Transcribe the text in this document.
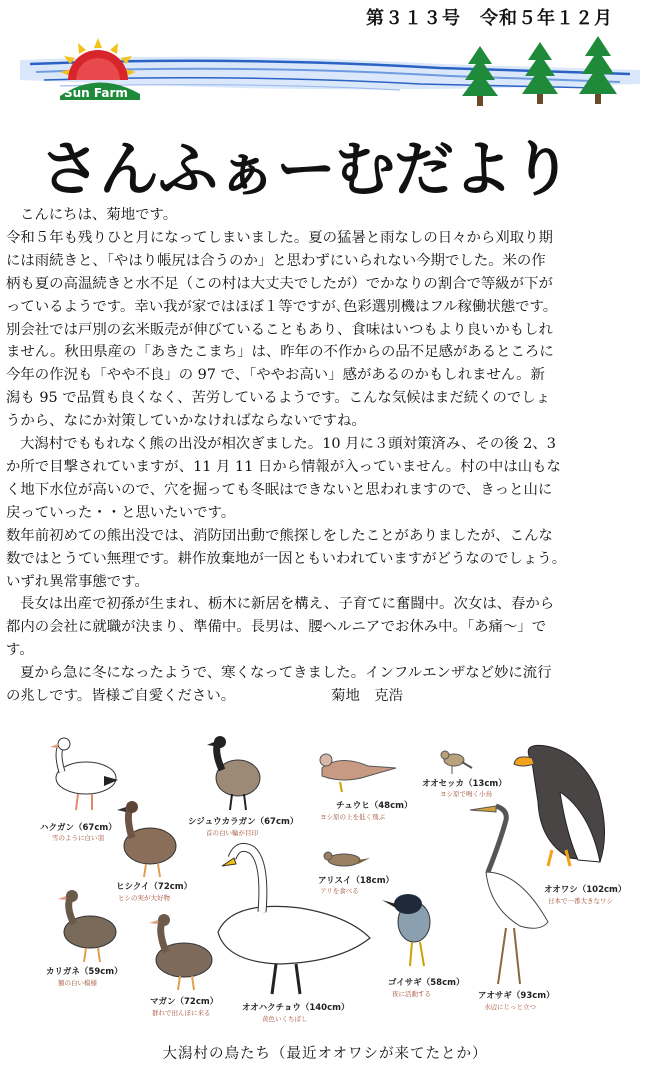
第３１３号　令和５年１２月
Sun Farm
さんふぁーむだより

こんにちは、菊地です。

令和５年も残りひと月になってしまいました。夏の猛暑と雨なしの日々から刈取り期

には雨続きと、「やはり帳尻は合うのか」と思わずにいられない今期でした。米の作

柄も夏の高温続きと水不足（この村は大丈夫でしたが）でかなりの割合で等級が下が

っているようです。幸い我が家ではほぼ１等ですが､色彩選別機はフル稼働状態です。

別会社では戸別の玄米販売が伸びていることもあり、食味はいつもより良いかもしれ

ません。秋田県産の「あきたこまち」は、昨年の不作からの品不足感があるところに

今年の作況も「やや不良」の 97 で、「ややお高い」感があるのかもしれません。新

潟も 95 で品質も良くなく、苦労しているようです。こんな気候はまだ続くのでしょ

うから、なにか対策していかなければならないですね。

大潟村でももれなく熊の出没が相次ぎました。10 月に３頭対策済み、その後 2、3

か所で目撃されていますが、11 月 11 日から情報が入っていません。村の中は山もな

く地下水位が高いので、穴を掘っても冬眠はできないと思われますので、きっと山に

戻っていった・・と思いたいです。

数年前初めての熊出没では、消防団出動で熊探しをしたことがありましたが、こんな

数ではとうてい無理です。耕作放棄地が一因ともいわれていますがどうなのでしょう。

いずれ異常事態です。

長女は出産で初孫が生まれ、栃木に新居を構え、子育てに奮闘中。次女は、春から

都内の会社に就職が決まり、準備中。長男は、腰ヘルニアでお休み中。「あ痛～」で

す。

夏から急に冬になったようで、寒くなってきました。インフルエンザなど妙に流行

の兆しです。皆様ご自愛ください。	菊地　克浩

ハクガン（67cm）
雪のように白い羽
シジュウカラガン（67cm）
首の白い輪が目印
チュウヒ（48cm）
ヨシ原の上を低く飛ぶ
オオセッカ（13cm）
ヨシ原で鳴く小鳥
ヒシクイ（72cm）
ヒシの実が大好物
アリスイ（18cm）
アリを食べる	オオワシ（102cm）
日本で一番大きなワシ
カリガネ（59cm）
額の白い模様
マガン（72cm）
群れで田んぼに来る	オオハクチョウ（140cm）
黄色いくちばし
ゴイサギ（58cm）
夜に活動する	アオサギ（93cm）
水辺にじっと立つ
大潟村の鳥たち（最近オオワシが来てたとか）
